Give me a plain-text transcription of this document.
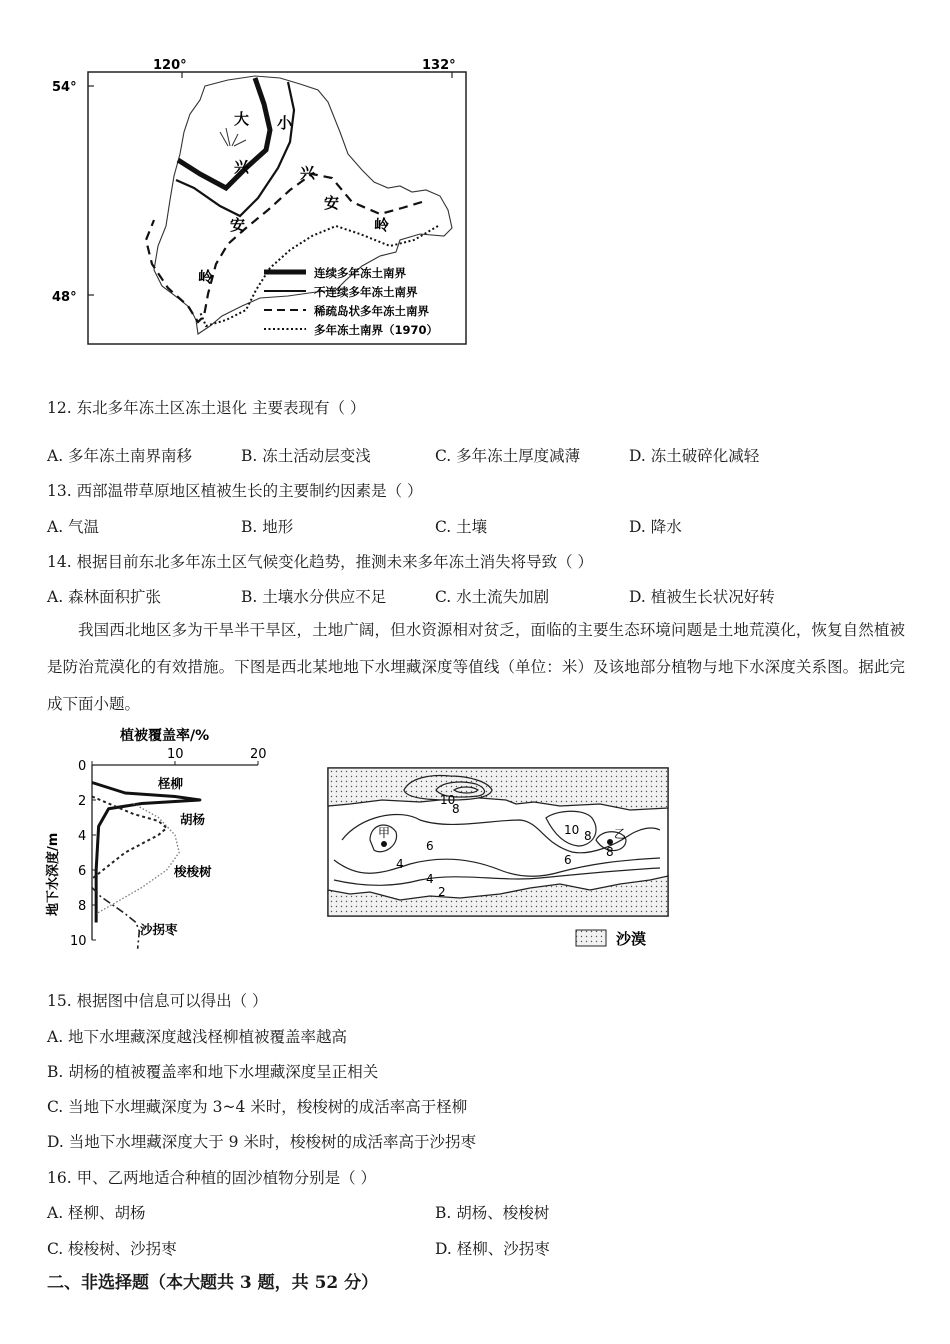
120°	132°
54°
48°
大
兴
安
岭
小
兴
安
岭
连续多年冻土南界
不连续多年冻土南界
稀疏岛状多年冻土南界
多年冻土南界（1970）
12. 东北多年冻土区冻土退化 主要表现有（ ）
A. 多年冻土南界南移	B. 冻土活动层变浅	C. 多年冻土厚度减薄	D. 冻土破碎化减轻
13. 西部温带草原地区植被生长的主要制约因素是（ ）
A. 气温	B. 地形	C. 土壤	D. 降水
14. 根据目前东北多年冻土区气候变化趋势，推测未来多年冻土消失将导致（ ）
A. 森林面积扩张	B. 土壤水分供应不足	C. 水土流失加剧	D. 植被生长状况好转
我国西北地区多为干旱半干旱区，土地广阔，但水资源相对贫乏，面临的主要生态环境问题是土地荒漠化，恢复自然植被是防治荒漠化的有效措施。下图是西北某地地下水埋藏深度等值线（单位：米）及该地部分植物与地下水深度关系图。据此完成下面小题。
植被覆盖率/%
地下水深度/m
10	20
0
2
4
6
8
10
柽柳
胡杨
梭梭树
沙拐枣
10
8
甲
4
6
10 8 乙
8
6
4
2
沙漠
15. 根据图中信息可以得出（ ）
A. 地下水埋藏深度越浅柽柳植被覆盖率越高
B. 胡杨的植被覆盖率和地下水埋藏深度呈正相关
C. 当地下水埋藏深度为 3~4 米时，梭梭树的成活率高于柽柳
D. 当地下水埋藏深度大于 9 米时，梭梭树的成活率高于沙拐枣
16. 甲、乙两地适合种植的固沙植物分别是（ ）
A. 柽柳、胡杨	B. 胡杨、梭梭树
C. 梭梭树、沙拐枣	D. 柽柳、沙拐枣
二、非选择题（本大题共 3 题，共 52 分）
